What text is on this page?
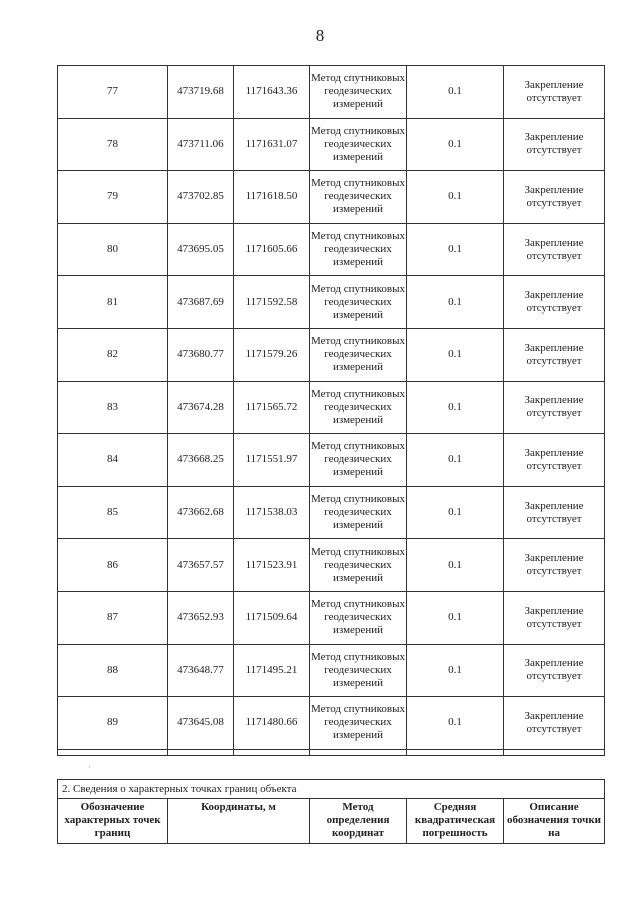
8
77	473719.68	1171643.36	Метод спутниковых геодезических измерений	0.1	Закрепление отсутствует
78	473711.06	1171631.07	Метод спутниковых геодезических измерений	0.1	Закрепление отсутствует
79	473702.85	1171618.50	Метод спутниковых геодезических измерений	0.1	Закрепление отсутствует
80	473695.05	1171605.66	Метод спутниковых геодезических измерений	0.1	Закрепление отсутствует
81	473687.69	1171592.58	Метод спутниковых геодезических измерений	0.1	Закрепление отсутствует
82	473680.77	1171579.26	Метод спутниковых геодезических измерений	0.1	Закрепление отсутствует
83	473674.28	1171565.72	Метод спутниковых геодезических измерений	0.1	Закрепление отсутствует
84	473668.25	1171551.97	Метод спутниковых геодезических измерений	0.1	Закрепление отсутствует
85	473662.68	1171538.03	Метод спутниковых геодезических измерений	0.1	Закрепление отсутствует
86	473657.57	1171523.91	Метод спутниковых геодезических измерений	0.1	Закрепление отсутствует
87	473652.93	1171509.64	Метод спутниковых геодезических измерений	0.1	Закрепление отсутствует
88	473648.77	1171495.21	Метод спутниковых геодезических измерений	0.1	Закрепление отсутствует
89	473645.08	1171480.66	Метод спутниковых геодезических измерений	0.1	Закрепление отсутствует

·
2. Сведения о характерных точках границ объекта
Обозначение характерных точек границ	Координаты, м	Метод определения координат	Средняя квадратическая погрешность	Описание обозначения точки на
